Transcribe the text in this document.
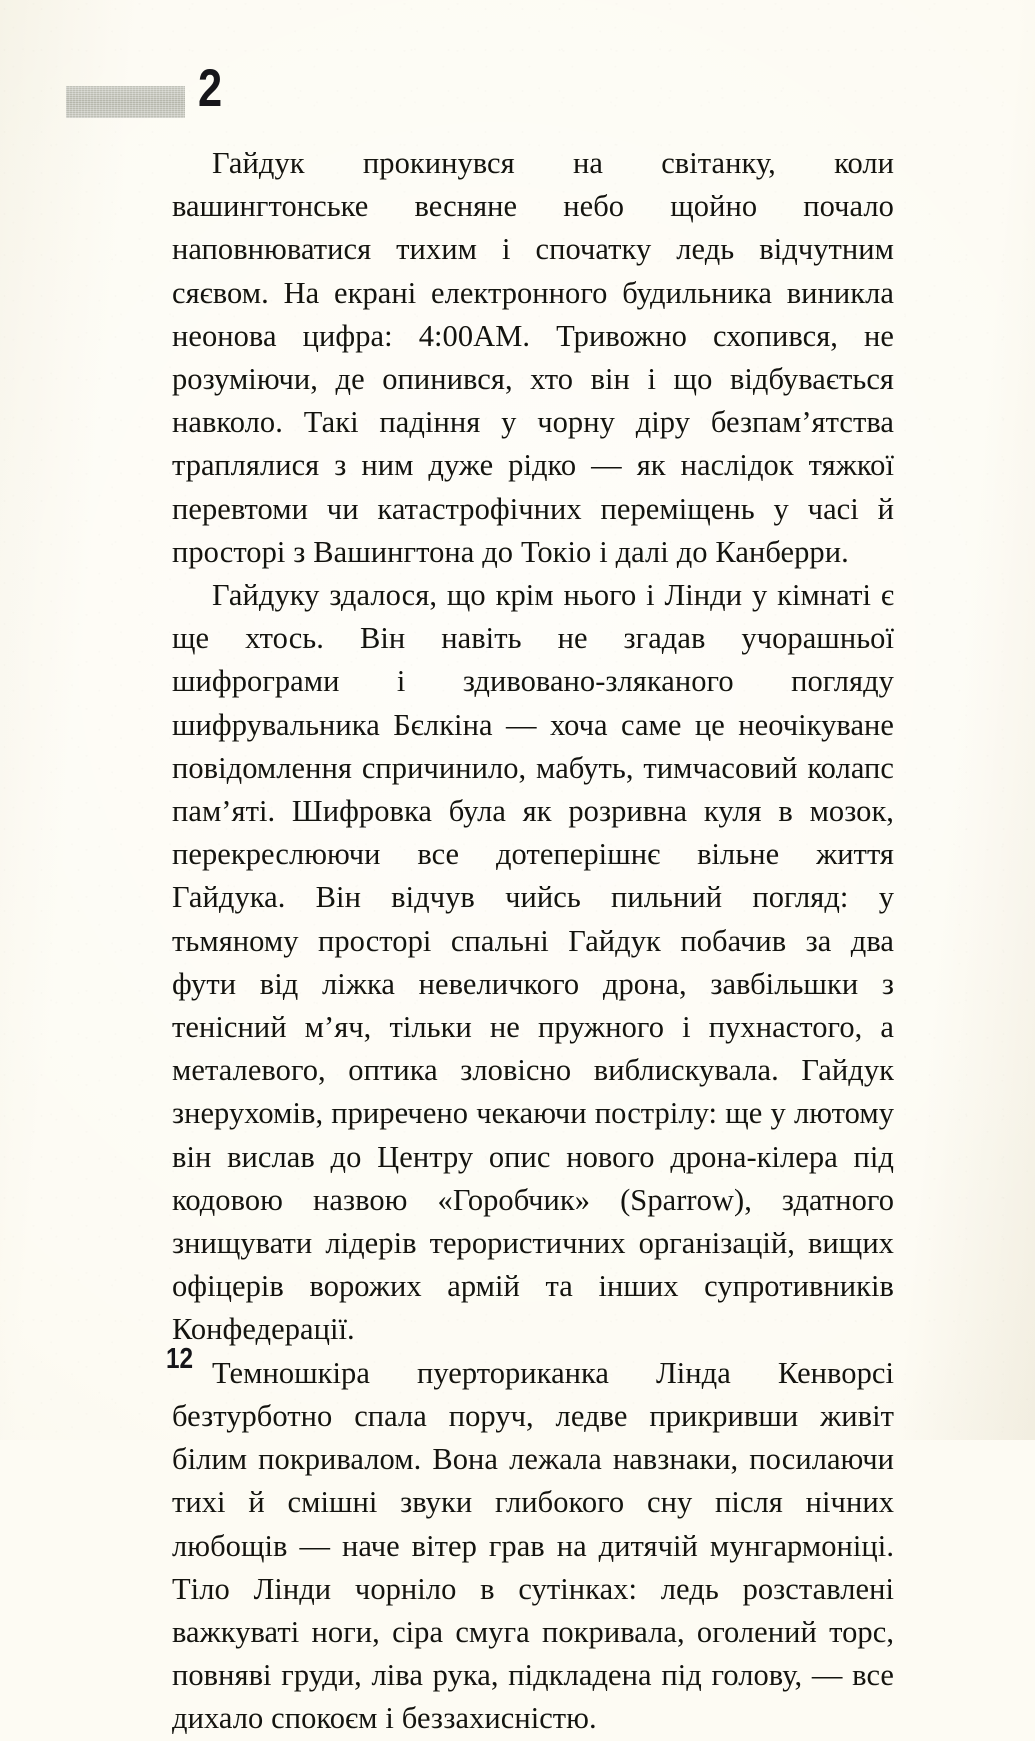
2

Гайдук прокинувся на світанку, коли вашингтонське весняне небо щойно почало наповнюватися тихим і спочатку ледь відчутним сяєвом. На екрані електронного будильника виникла неонова цифра: 4:00AM. Тривожно схопився, не розуміючи, де опинився, хто він і що відбувається навколо. Такі падіння у чорну діру безпам’ятства траплялися з ним дуже рідко — як наслідок тяжкої перевтоми чи катастрофічних переміщень у часі й просторі з Вашингтона до Токіо і далі до Канберри.

Гайдуку здалося, що крім нього і Лінди у кімнаті є ще хтось. Він навіть не згадав учорашньої шифрограми і здивовано-зляканого погляду шифрувальника Бєлкіна — хоча саме це неочікуване повідомлення спричинило, мабуть, тимчасовий колапс пам’яті. Шифровка була як розривна куля в мозок, перекреслюючи все дотеперішнє вільне життя Гайдука. Він відчув чийсь пильний погляд: у тьмяному просторі спальні Гайдук побачив за два фути від ліжка невеличкого дрона, завбільшки з тенісний м’яч, тільки не пружного і пухнастого, а металевого, оптика зловісно виблискувала. Гайдук знерухомів, приречено чекаючи пострілу: ще у лютому він вислав до Центру опис нового дрона-кілера під кодовою назвою «Горобчик» (Sparrow), здатного знищувати лідерів терористичних організацій, вищих офіцерів ворожих армій та інших супротивників Конфедерації.

Темношкіра пуерториканка Лінда Кенворсі безтурботно спала поруч, ледве прикривши живіт білим покривалом. Вона лежала навзнаки, посилаючи тихі й смішні звуки глибокого сну після нічних любощів — наче вітер грав на дитячій мунгармоніці. Тіло Лінди чорніло в сутінках: ледь розставлені важкуваті ноги, сіра смуга покривала, оголений торс, повняві груди, ліва рука, підкладена під голову, — все дихало спокоєм і беззахисністю.

12
